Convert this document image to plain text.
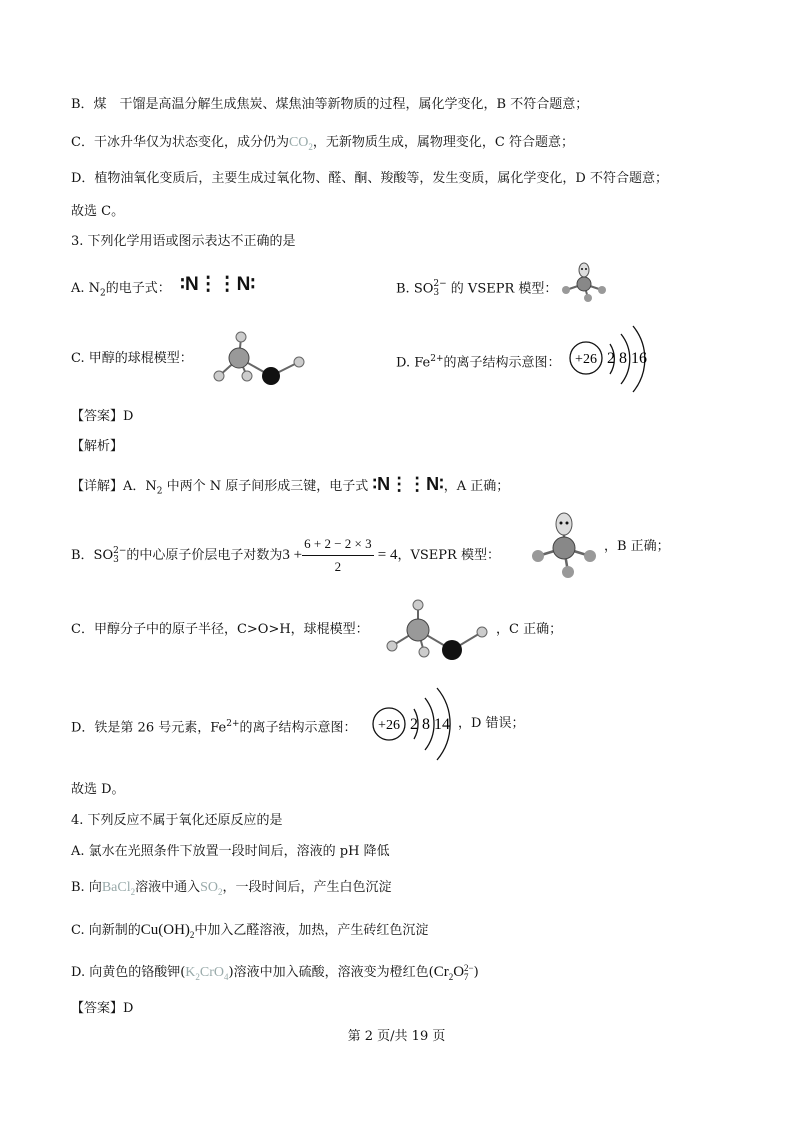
B．煤　干馏是高温分解生成焦炭、煤焦油等新物质的过程，属化学变化，B 不符合题意；
C．干冰升华仅为状态变化，成分仍为$CO_2$，无新物质生成，属物理变化，C 符合题意；
D．植物油氧化变质后，主要生成过氧化物、醛、酮、羧酸等，发生变质，属化学变化，D 不符合题意；
故选 C。
3. 下列化学用语或图示表达不正确的是
A. $N_2$的电子式： ∶N⋮⋮N∶	B. SO 2−
3 的 VSEPR 模型：
C. 甲醇的球棍模型：	D. $Fe^{2+}$的离子结构示意图： +26 2 8 16
【答案】D
【解析】
【详解】A．$N_2$ 中两个 N 原子间形成三键，电子式 ∶N⋮⋮N∶，A 正确；
B．SO 2−
3 的中心原子价层电子对数为$3 + \frac{6 + 2 - 2 \times 3}{2} = 4$，VSEPR 模型：
，B 正确；
C．甲醇分子中的原子半径，C>O>H，球棍模型：	，C 正确；
D．铁是第 26 号元素，$Fe^{2+}$的离子结构示意图： +26 2 8 14 ，D 错误；
故选 D。
4. 下列反应不属于氧化还原反应的是
A. 氯水在光照条件下放置一段时间后，溶液的 pH 降低
B. 向BaCl$_2$溶液中通入$SO_2$，一段时间后，产生白色沉淀
C. 向新制的$Cu(OH)_2$中加入乙醛溶液，加热，产生砖红色沉淀
D. 向黄色的铬酸钾$(K_2CrO_4)$溶液中加入硫酸，溶液变为橙红色($Cr_2O$ 2−
7 )
【答案】D
第 2 页/共 19 页
